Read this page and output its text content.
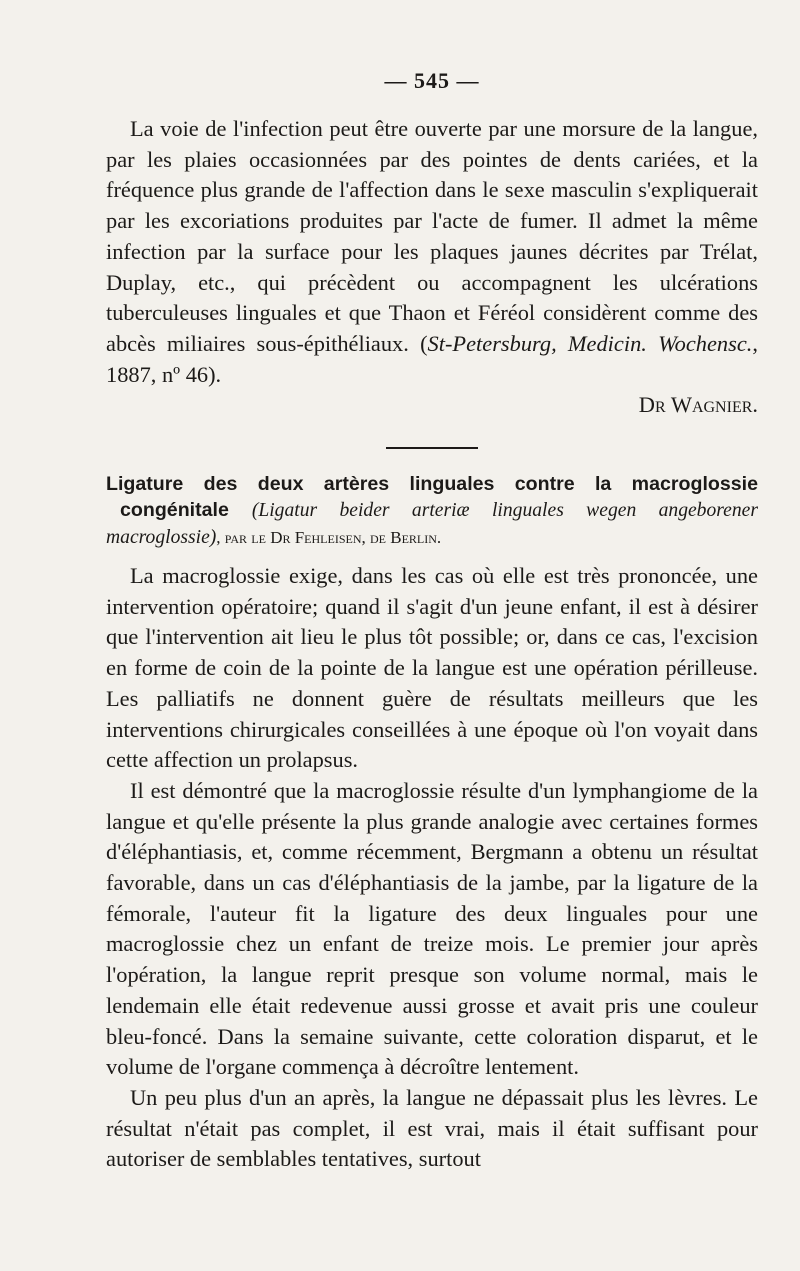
— 545 —

La voie de l'infection peut être ouverte par une morsure de la langue, par les plaies occasionnées par des pointes de dents cariées, et la fréquence plus grande de l'affection dans le sexe masculin s'expliquerait par les excoriations produites par l'acte de fumer. Il admet la même infection par la surface pour les plaques jaunes décrites par Trélat, Duplay, etc., qui précèdent ou accompagnent les ulcérations tuberculeuses linguales et que Thaon et Féréol considèrent comme des abcès miliaires sous-épithéliaux. (St-Petersburg, Medicin. Wochensc., 1887, nº 46).

Dr Wagnier.
Ligature des deux artères linguales contre la macroglossie congénitale (Ligatur beider arteriæ linguales wegen angeborener macroglossie), par le Dr Fehleisen, de Berlin.

La macroglossie exige, dans les cas où elle est très prononcée, une intervention opératoire; quand il s'agit d'un jeune enfant, il est à désirer que l'intervention ait lieu le plus tôt possible; or, dans ce cas, l'excision en forme de coin de la pointe de la langue est une opération périlleuse. Les palliatifs ne donnent guère de résultats meilleurs que les interventions chirurgicales conseillées à une époque où l'on voyait dans cette affection un prolapsus.

Il est démontré que la macroglossie résulte d'un lymphangiome de la langue et qu'elle présente la plus grande analogie avec certaines formes d'éléphantiasis, et, comme récemment, Bergmann a obtenu un résultat favorable, dans un cas d'éléphantiasis de la jambe, par la ligature de la fémorale, l'auteur fit la ligature des deux linguales pour une macroglossie chez un enfant de treize mois. Le premier jour après l'opération, la langue reprit presque son volume normal, mais le lendemain elle était redevenue aussi grosse et avait pris une couleur bleu-foncé. Dans la semaine suivante, cette coloration disparut, et le volume de l'organe commença à décroître lentement.

Un peu plus d'un an après, la langue ne dépassait plus les lèvres. Le résultat n'était pas complet, il est vrai, mais il était suffisant pour autoriser de semblables tentatives, surtout
